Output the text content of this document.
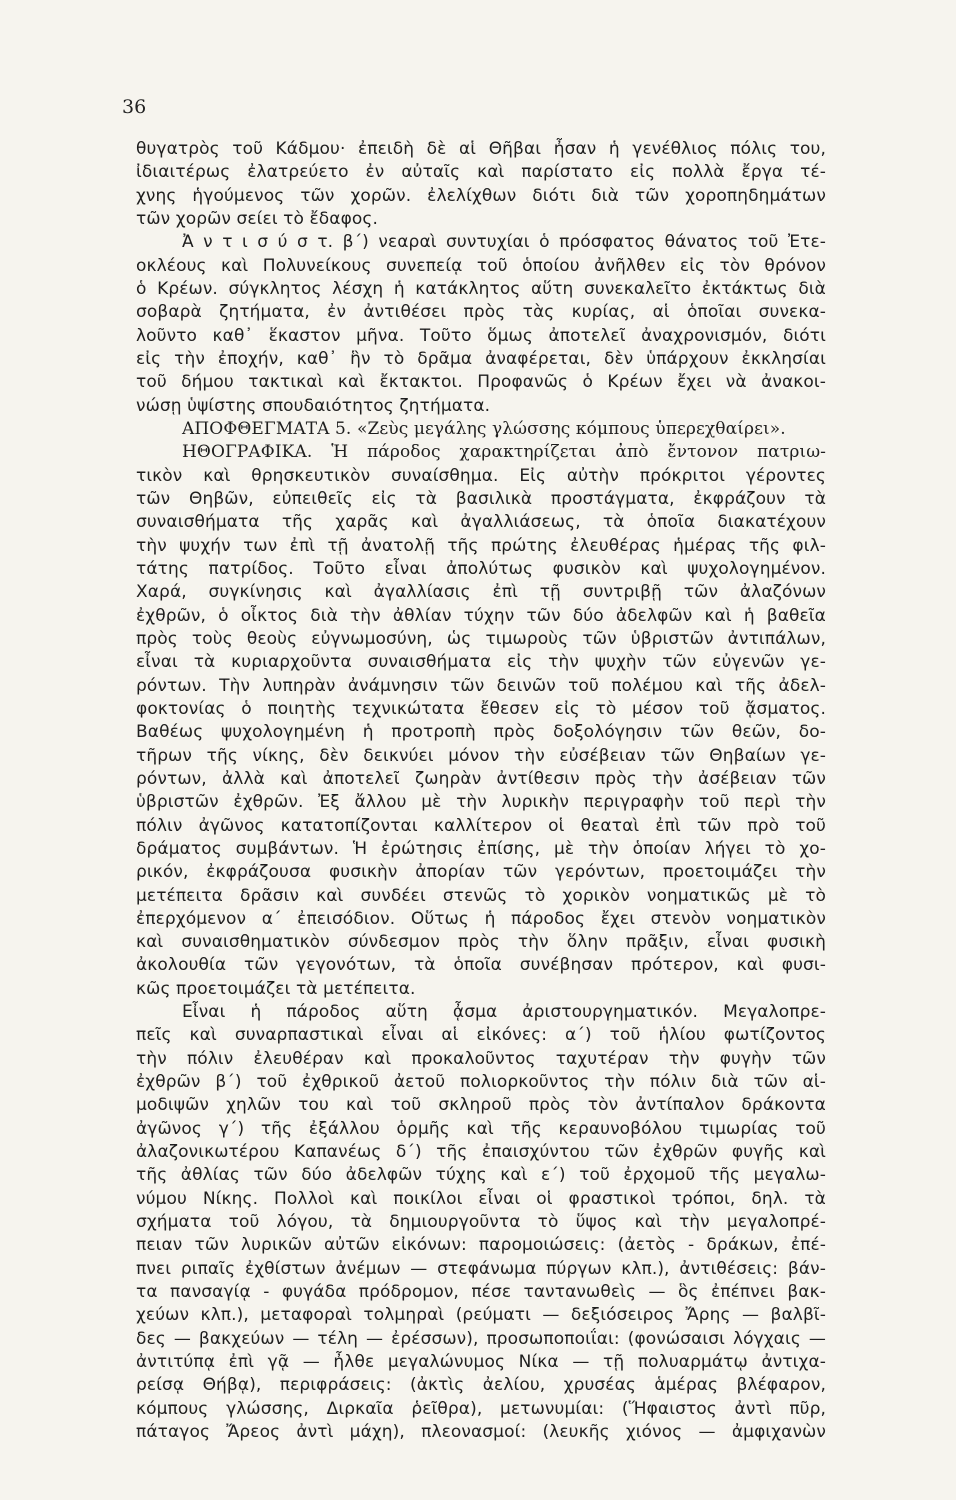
36
θυγατρὸς τοῦ Κάδμου· ἐπειδὴ δὲ αἱ Θῆβαι ἦσαν ἡ γενέθλιος πόλις του,
ἰδιαιτέρως ἐλατρεύετο ἐν αὐταῖς καὶ παρίστατο εἰς πολλὰ ἔργα τέ-
χνης ἡγούμενος τῶν χορῶν. ἐλελίχθων διότι διὰ τῶν χοροπηδημάτων
τῶν χορῶν σείει τὸ ἔδαφος.
Ἀ ν τ ι σ ύ σ τ. β´) νεαραὶ συντυχίαι ὁ πρόσφατος θάνατος τοῦ Ἐτε-
οκλέους καὶ Πολυνείκους συνεπείᾳ τοῦ ὁποίου ἀνῆλθεν εἰς τὸν θρόνον
ὁ Κρέων. σύγκλητος λέσχη ἡ κατάκλητος αὕτη συνεκαλεῖτο ἐκτάκτως διὰ
σοβαρὰ ζητήματα, ἐν ἀντιθέσει πρὸς τὰς κυρίας, αἱ ὁποῖαι συνεκα-
λοῦντο καθ᾽ ἕκαστον μῆνα. Τοῦτο ὅμως ἀποτελεῖ ἀναχρονισμόν, διότι
εἰς τὴν ἐποχήν, καθ᾽ ἣν τὸ δρᾶμα ἀναφέρεται, δὲν ὑπάρχουν ἐκκλησίαι
τοῦ δήμου τακτικαὶ καὶ ἔκτακτοι. Προφανῶς ὁ Κρέων ἔχει νὰ ἀνακοι-
νώσῃ ὑψίστης σπουδαιότητος ζητήματα.
ΑΠΟΦΘΕΓΜΑΤΑ 5. «Ζεὺς μεγάλης γλώσσης κόμπους ὑπερεχθαίρει».
ΗΘΟΓΡΑΦΙΚΑ. Ἡ πάροδος χαρακτηρίζεται ἀπὸ ἔντονον πατριω-
τικὸν καὶ θρησκευτικὸν συναίσθημα. Εἰς αὐτὴν πρόκριτοι γέροντες
τῶν Θηβῶν, εὐπειθεῖς εἰς τὰ βασιλικὰ προστάγματα, ἐκφράζουν τὰ
συναισθήματα τῆς χαρᾶς καὶ ἀγαλλιάσεως, τὰ ὁποῖα διακατέχουν
τὴν ψυχήν των ἐπὶ τῇ ἀνατολῇ τῆς πρώτης ἐλευθέρας ἡμέρας τῆς φιλ-
τάτης πατρίδος. Τοῦτο εἶναι ἀπολύτως φυσικὸν καὶ ψυχολογημένον.
Χαρά, συγκίνησις καὶ ἀγαλλίασις ἐπὶ τῇ συντριβῇ τῶν ἀλαζόνων
ἐχθρῶν, ὁ οἶκτος διὰ τὴν ἀθλίαν τύχην τῶν δύο ἀδελφῶν καὶ ἡ βαθεῖα
πρὸς τοὺς θεοὺς εὐγνωμοσύνη, ὡς τιμωροὺς τῶν ὑβριστῶν ἀντιπάλων,
εἶναι τὰ κυριαρχοῦντα συναισθήματα εἰς τὴν ψυχὴν τῶν εὐγενῶν γε-
ρόντων. Τὴν λυπηρὰν ἀνάμνησιν τῶν δεινῶν τοῦ πολέμου καὶ τῆς ἀδελ-
φοκτονίας ὁ ποιητὴς τεχνικώτατα ἔθεσεν εἰς τὸ μέσον τοῦ ᾄσματος.
Βαθέως ψυχολογημένη ἡ προτροπὴ πρὸς δοξολόγησιν τῶν θεῶν, δο-
τῆρων τῆς νίκης, δὲν δεικνύει μόνον τὴν εὐσέβειαν τῶν Θηβαίων γε-
ρόντων, ἀλλὰ καὶ ἀποτελεῖ ζωηρὰν ἀντίθεσιν πρὸς τὴν ἀσέβειαν τῶν
ὑβριστῶν ἐχθρῶν. Ἐξ ἄλλου μὲ τὴν λυρικὴν περιγραφὴν τοῦ περὶ τὴν
πόλιν ἀγῶνος κατατοπίζονται καλλίτερον οἱ θεαταὶ ἐπὶ τῶν πρὸ τοῦ
δράματος συμβάντων. Ἡ ἐρώτησις ἐπίσης, μὲ τὴν ὁποίαν λήγει τὸ χο-
ρικόν, ἐκφράζουσα φυσικὴν ἀπορίαν τῶν γερόντων, προετοιμάζει τὴν
μετέπειτα δρᾶσιν καὶ συνδέει στενῶς τὸ χορικὸν νοηματικῶς μὲ τὸ
ἐπερχόμενον α´ ἐπεισόδιον. Οὕτως ἡ πάροδος ἔχει στενὸν νοηματικὸν
καὶ συναισθηματικὸν σύνδεσμον πρὸς τὴν ὅλην πρᾶξιν, εἶναι φυσικὴ
ἀκολουθία τῶν γεγονότων, τὰ ὁποῖα συνέβησαν πρότερον, καὶ φυσι-
κῶς προετοιμάζει τὰ μετέπειτα.
Εἶναι ἡ πάροδος αὕτη ᾆσμα ἀριστουργηματικόν. Μεγαλοπρε-
πεῖς καὶ συναρπαστικαὶ εἶναι αἱ εἰκόνες: α´) τοῦ ἡλίου φωτίζοντος
τὴν πόλιν ἐλευθέραν καὶ προκαλοῦντος ταχυτέραν τὴν φυγὴν τῶν
ἐχθρῶν β´) τοῦ ἐχθρικοῦ ἀετοῦ πολιορκοῦντος τὴν πόλιν διὰ τῶν αἱ-
μοδιψῶν χηλῶν του καὶ τοῦ σκληροῦ πρὸς τὸν ἀντίπαλον δράκοντα
ἀγῶνος γ´) τῆς ἐξάλλου ὁρμῆς καὶ τῆς κεραυνοβόλου τιμωρίας τοῦ
ἀλαζονικωτέρου Καπανέως δ´) τῆς ἐπαισχύντου τῶν ἐχθρῶν φυγῆς καὶ
τῆς ἀθλίας τῶν δύο ἀδελφῶν τύχης καὶ ε´) τοῦ ἐρχομοῦ τῆς μεγαλω-
νύμου Νίκης. Πολλοὶ καὶ ποικίλοι εἶναι οἱ φραστικοὶ τρόποι, δηλ. τὰ
σχήματα τοῦ λόγου, τὰ δημιουργοῦντα τὸ ὕψος καὶ τὴν μεγαλοπρέ-
πειαν τῶν λυρικῶν αὐτῶν εἰκόνων: παρομοιώσεις: (ἀετὸς - δράκων, ἐπέ-
πνει ριπαῖς ἐχθίστων ἀνέμων — στεφάνωμα πύργων κλπ.), ἀντιθέσεις: βάν-
τα πανσαγίᾳ - φυγάδα πρόδρομον, πέσε ταντανωθεὶς — ὃς ἐπέπνει βακ-
χεύων κλπ.), μεταφοραὶ τολμηραὶ (ρεύματι — δεξιόσειρος Ἄρης — βαλβῖ-
δες — βακχεύων — τέλη — ἐρέσσων), προσωποποιΐαι: (φονώσαισι λόγχαις —
ἀντιτύπᾳ ἐπὶ γᾷ — ἦλθε μεγαλώνυμος Νίκα — τῇ πολυαρμάτῳ ἀντιχα-
ρείσᾳ Θήβᾳ), περιφράσεις: (ἀκτὶς ἀελίου, χρυσέας ἁμέρας βλέφαρον,
κόμπους γλώσσης, Διρκαῖα ῥεῖθρα), μετωνυμίαι: (Ἥφαιστος ἀντὶ πῦρ,
πάταγος Ἄρεος ἀντὶ μάχη), πλεονασμοί: (λευκῆς χιόνος — ἀμφιχανὼν
